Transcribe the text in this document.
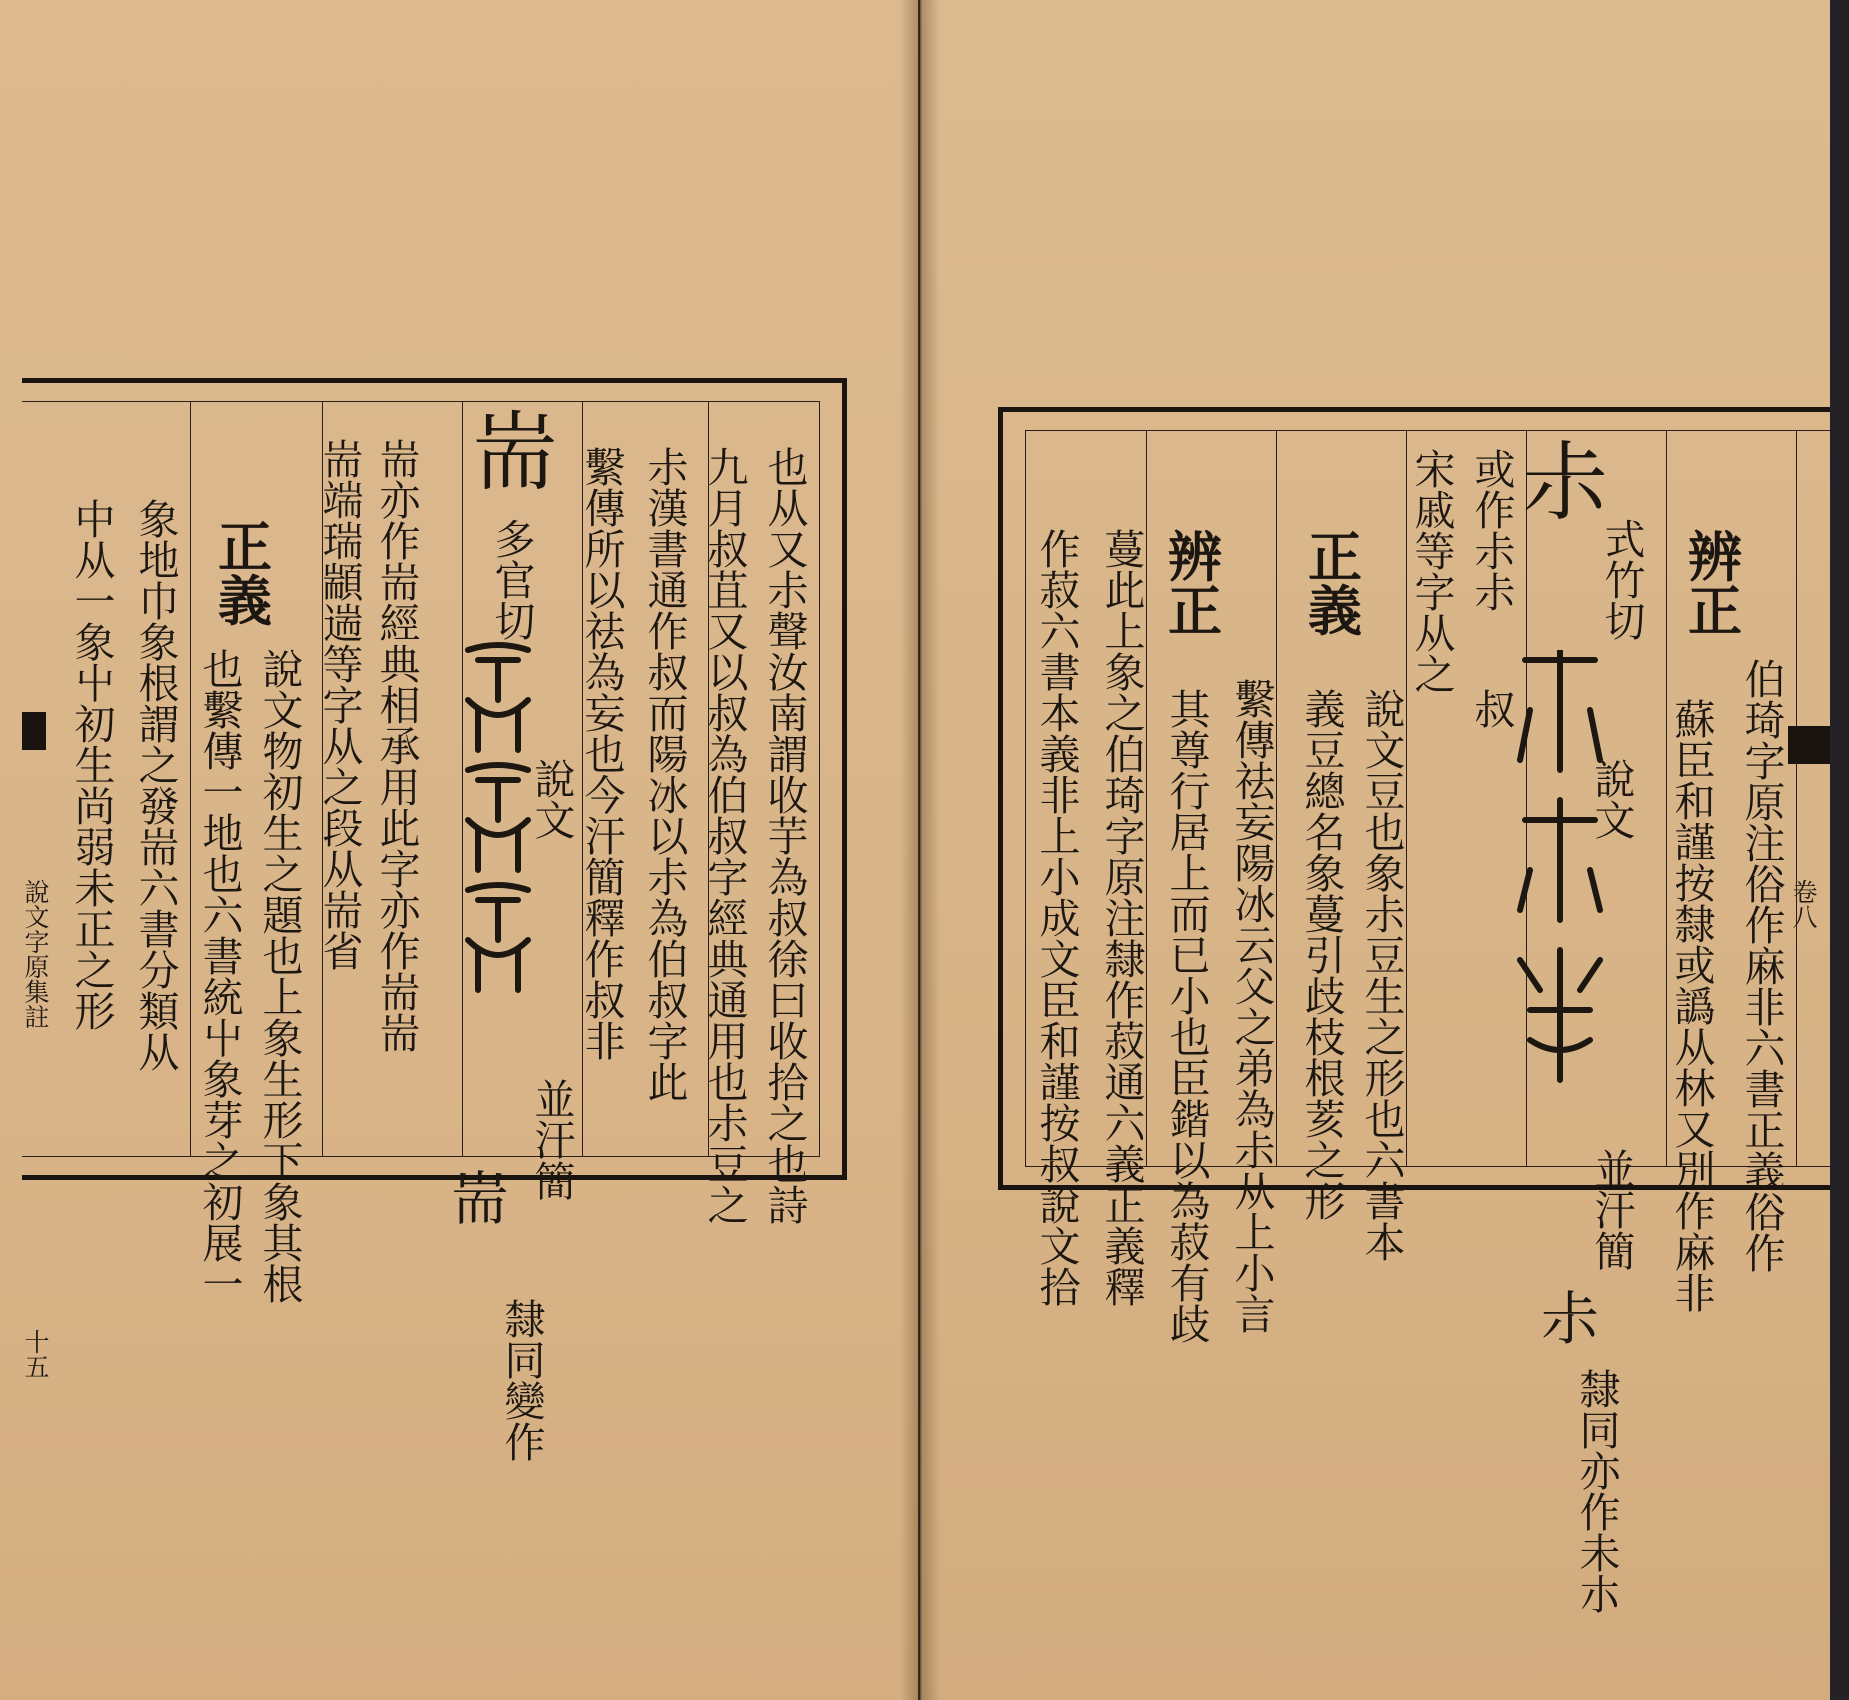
也
从
又
尗
聲
汝
南
謂
收
芋
為
叔
徐
曰
收
拾
之
也
詩
九
月
叔
苴
又
以
叔
為
伯
叔
字
經
典
通
用
也
尗
豆
之
尗
漢
書
通
作
叔
而
陽
冰
以
尗
為
伯
叔
字
此
繫
傳
所
以
祛
為
妄
也
今
汗
簡
釋
作
叔
非
耑
多
官
切
說
文
並
汗
簡
耑
隸
同
變
作
耑
亦
作
耑
經
典
相
承
用
此
字
亦
作
耑
耑
耑
端
瑞
顓
遄
等
字
从
之
段
从
耑
省
正
義
說
文
物
初
生
之
題
也
上
象
生
形
下
象
其
根
也
繫
傳
一
地
也
六
書
統
屮
象
芽
之
初
展
一
象
地
巾
象
根
謂
之
發
耑
六
書
分
類
从
中
从
一
象
屮
初
生
尚
弱
未
正
之
形
說
文
字
原
集
註
十
五
卷
八
辨
正
伯
琦
字
原
注
俗
作
麻
非
六
書
正
義
俗
作
蘇
臣
和
謹
按
隸
或
譌
从
林
又
別
作
麻
非
尗
式
竹
切
說
文
並
汗
簡
尗
隸
同
亦
作
未
朩
或
作
尗
尗
叔
宋
戚
等
字
从
之
正
義
說
文
豆
也
象
尗
豆
生
之
形
也
六
書
本
義
豆
總
名
象
蔓
引
歧
枝
根
荄
之
形
繫
傳
祛
妄
陽
冰
云
父
之
弟
為
尗
从
上
小
言
辨
正
其
尊
行
居
上
而
已
小
也
臣
鍇
以
為
菽
有
歧
蔓
此
上
象
之
伯
琦
字
原
注
隸
作
菽
通
六
義
正
義
釋
作
菽
六
書
本
義
非
上
小
成
文
臣
和
謹
按
叔
說
文
拾
